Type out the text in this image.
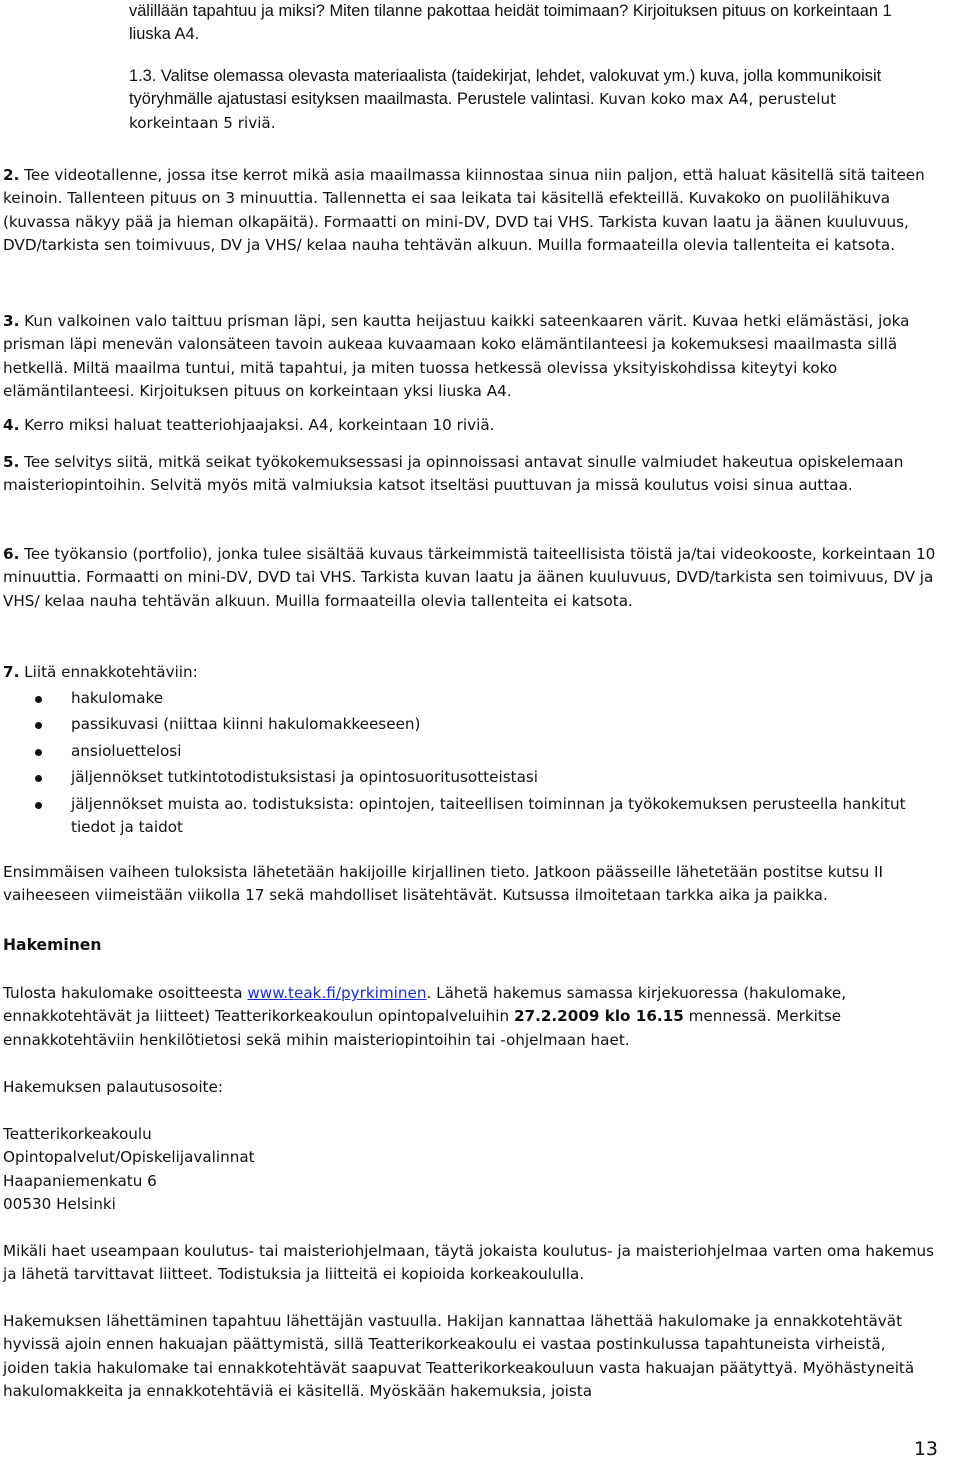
välillään tapahtuu ja miksi? Miten tilanne pakottaa heidät toimimaan? Kirjoituksen pituus on korkeintaan 1 liuska A4.

1.3. Valitse olemassa olevasta materiaalista (taidekirjat, lehdet, valokuvat ym.) kuva, jolla kommunikoisit työryhmälle ajatustasi esityksen maailmasta. Perustele valintasi. Kuvan koko max A4, perustelut korkeintaan 5 riviä.

2. Tee videotallenne, jossa itse kerrot mikä asia maailmassa kiinnostaa sinua niin paljon, että haluat käsitellä sitä taiteen keinoin. Tallenteen pituus on 3 minuuttia. Tallennetta ei saa leikata tai käsitellä efekteillä. Kuvakoko on puolilähikuva (kuvassa näkyy pää ja hieman olkapäitä). Formaatti on mini-DV, DVD tai VHS. Tarkista kuvan laatu ja äänen kuuluvuus, DVD/tarkista sen toimivuus, DV ja VHS/ kelaa nauha tehtävän alkuun. Muilla formaateilla olevia tallenteita ei katsota.

3. Kun valkoinen valo taittuu prisman läpi, sen kautta heijastuu kaikki sateenkaaren värit. Kuvaa hetki elämästäsi, joka prisman läpi menevän valonsäteen tavoin aukeaa kuvaamaan koko elämäntilanteesi ja kokemuksesi maailmasta sillä hetkellä. Miltä maailma tuntui, mitä tapahtui, ja miten tuossa hetkessä olevissa yksityiskohdissa kiteytyi koko elämäntilanteesi. Kirjoituksen pituus on korkeintaan yksi liuska A4.

4. Kerro miksi haluat teatteriohjaajaksi. A4, korkeintaan 10 riviä.

5. Tee selvitys siitä, mitkä seikat työkokemuksessasi ja opinnoissasi antavat sinulle valmiudet hakeutua opiskelemaan maisteriopintoihin. Selvitä myös mitä valmiuksia katsot itseltäsi puuttuvan ja missä koulutus voisi sinua auttaa.

6. Tee työkansio (portfolio), jonka tulee sisältää kuvaus tärkeimmistä taiteellisista töistä ja/tai videokooste, korkeintaan 10 minuuttia. Formaatti on mini-DV, DVD tai VHS. Tarkista kuvan laatu ja äänen kuuluvuus, DVD/tarkista sen toimivuus, DV ja VHS/ kelaa nauha tehtävän alkuun. Muilla formaateilla olevia tallenteita ei katsota.

7. Liitä ennakkotehtäviin:

hakulomake
passikuvasi (niittaa kiinni hakulomakkeeseen)
ansioluettelosi
jäljennökset tutkintotodistuksistasi ja opintosuoritusotteistasi
jäljennökset muista ao. todistuksista: opintojen, taiteellisen toiminnan ja työkokemuksen perusteella hankitut tiedot ja taidot

Ensimmäisen vaiheen tuloksista lähetetään hakijoille kirjallinen tieto. Jatkoon päässeille lähetetään postitse kutsu II vaiheeseen viimeistään viikolla 17 sekä mahdolliset lisätehtävät. Kutsussa ilmoitetaan tarkka aika ja paikka.

Hakeminen

Tulosta hakulomake osoitteesta www.teak.fi/pyrkiminen. Lähetä hakemus samassa kirjekuoressa (hakulomake, ennakkotehtävät ja liitteet) Teatterikorkeakoulun opintopalveluihin 27.2.2009 klo 16.15 mennessä. Merkitse ennakkotehtäviin henkilötietosi sekä mihin maisteriopintoihin tai -ohjelmaan haet.

Hakemuksen palautusosoite:

Teatterikorkeakoulu
Opintopalvelut/Opiskelijavalinnat
Haapaniemenkatu 6
00530 Helsinki

Mikäli haet useampaan koulutus- tai maisteriohjelmaan, täytä jokaista koulutus- ja maisteriohjelmaa varten oma hakemus ja lähetä tarvittavat liitteet. Todistuksia ja liitteitä ei kopioida korkeakoululla.

Hakemuksen lähettäminen tapahtuu lähettäjän vastuulla. Hakijan kannattaa lähettää hakulomake ja ennakkotehtävät hyvissä ajoin ennen hakuajan päättymistä, sillä Teatterikorkeakoulu ei vastaa postinkulussa tapahtuneista virheistä, joiden takia hakulomake tai ennakkotehtävät saapuvat Teatterikorkeakouluun vasta hakuajan päätyttyä. Myöhästyneitä hakulomakkeita ja ennakkotehtäviä ei käsitellä. Myöskään hakemuksia, joista

13
